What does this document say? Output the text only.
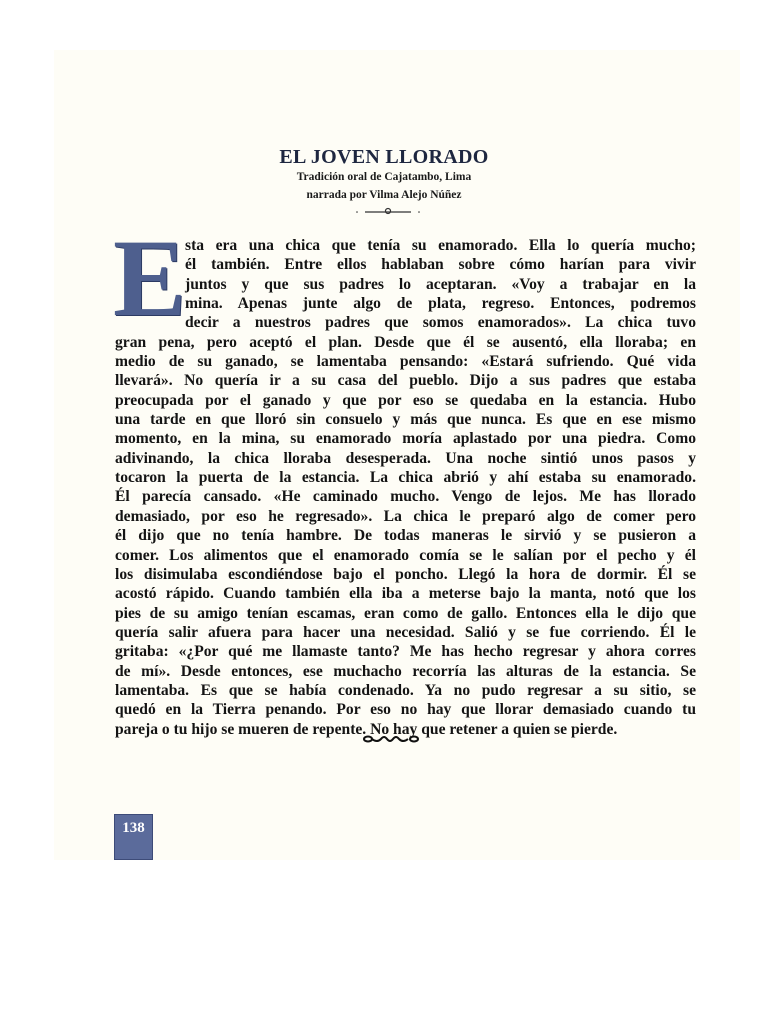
EL JOVEN LLORADO
Tradición oral de Cajatambo, Lima
narrada por Vilma Alejo Núñez
E
sta era una chica que tenía su enamorado. Ella lo quería mucho;
él también. Entre ellos hablaban sobre cómo harían para vivir
juntos y que sus padres lo aceptaran. «Voy a trabajar en la
mina. Apenas junte algo de plata, regreso. Entonces, podremos
decir a nuestros padres que somos enamorados». La chica tuvo
gran pena, pero aceptó el plan. Desde que él se ausentó, ella lloraba; en
medio de su ganado, se lamentaba pensando: «Estará sufriendo. Qué vida
llevará». No quería ir a su casa del pueblo. Dijo a sus padres que estaba
preocupada por el ganado y que por eso se quedaba en la estancia. Hubo
una tarde en que lloró sin consuelo y más que nunca. Es que en ese mismo
momento, en la mina, su enamorado moría aplastado por una piedra. Como
adivinando, la chica lloraba desesperada. Una noche sintió unos pasos y
tocaron la puerta de la estancia. La chica abrió y ahí estaba su enamorado.
Él parecía cansado. «He caminado mucho. Vengo de lejos. Me has llorado
demasiado, por eso he regresado». La chica le preparó algo de comer pero
él dijo que no tenía hambre. De todas maneras le sirvió y se pusieron a
comer. Los alimentos que el enamorado comía se le salían por el pecho y él
los disimulaba escondiéndose bajo el poncho. Llegó la hora de dormir. Él se
acostó rápido. Cuando también ella iba a meterse bajo la manta, notó que los
pies de su amigo tenían escamas, eran como de gallo. Entonces ella le dijo que
quería salir afuera para hacer una necesidad. Salió y se fue corriendo. Él le
gritaba: «¿Por qué me llamaste tanto? Me has hecho regresar y ahora corres
de mí». Desde entonces, ese muchacho recorría las alturas de la estancia. Se
lamentaba. Es que se había condenado. Ya no pudo regresar a su sitio, se
quedó en la Tierra penando. Por eso no hay que llorar demasiado cuando tu
pareja o tu hijo se mueren de repente. No hay que retener a quien se pierde.
138
